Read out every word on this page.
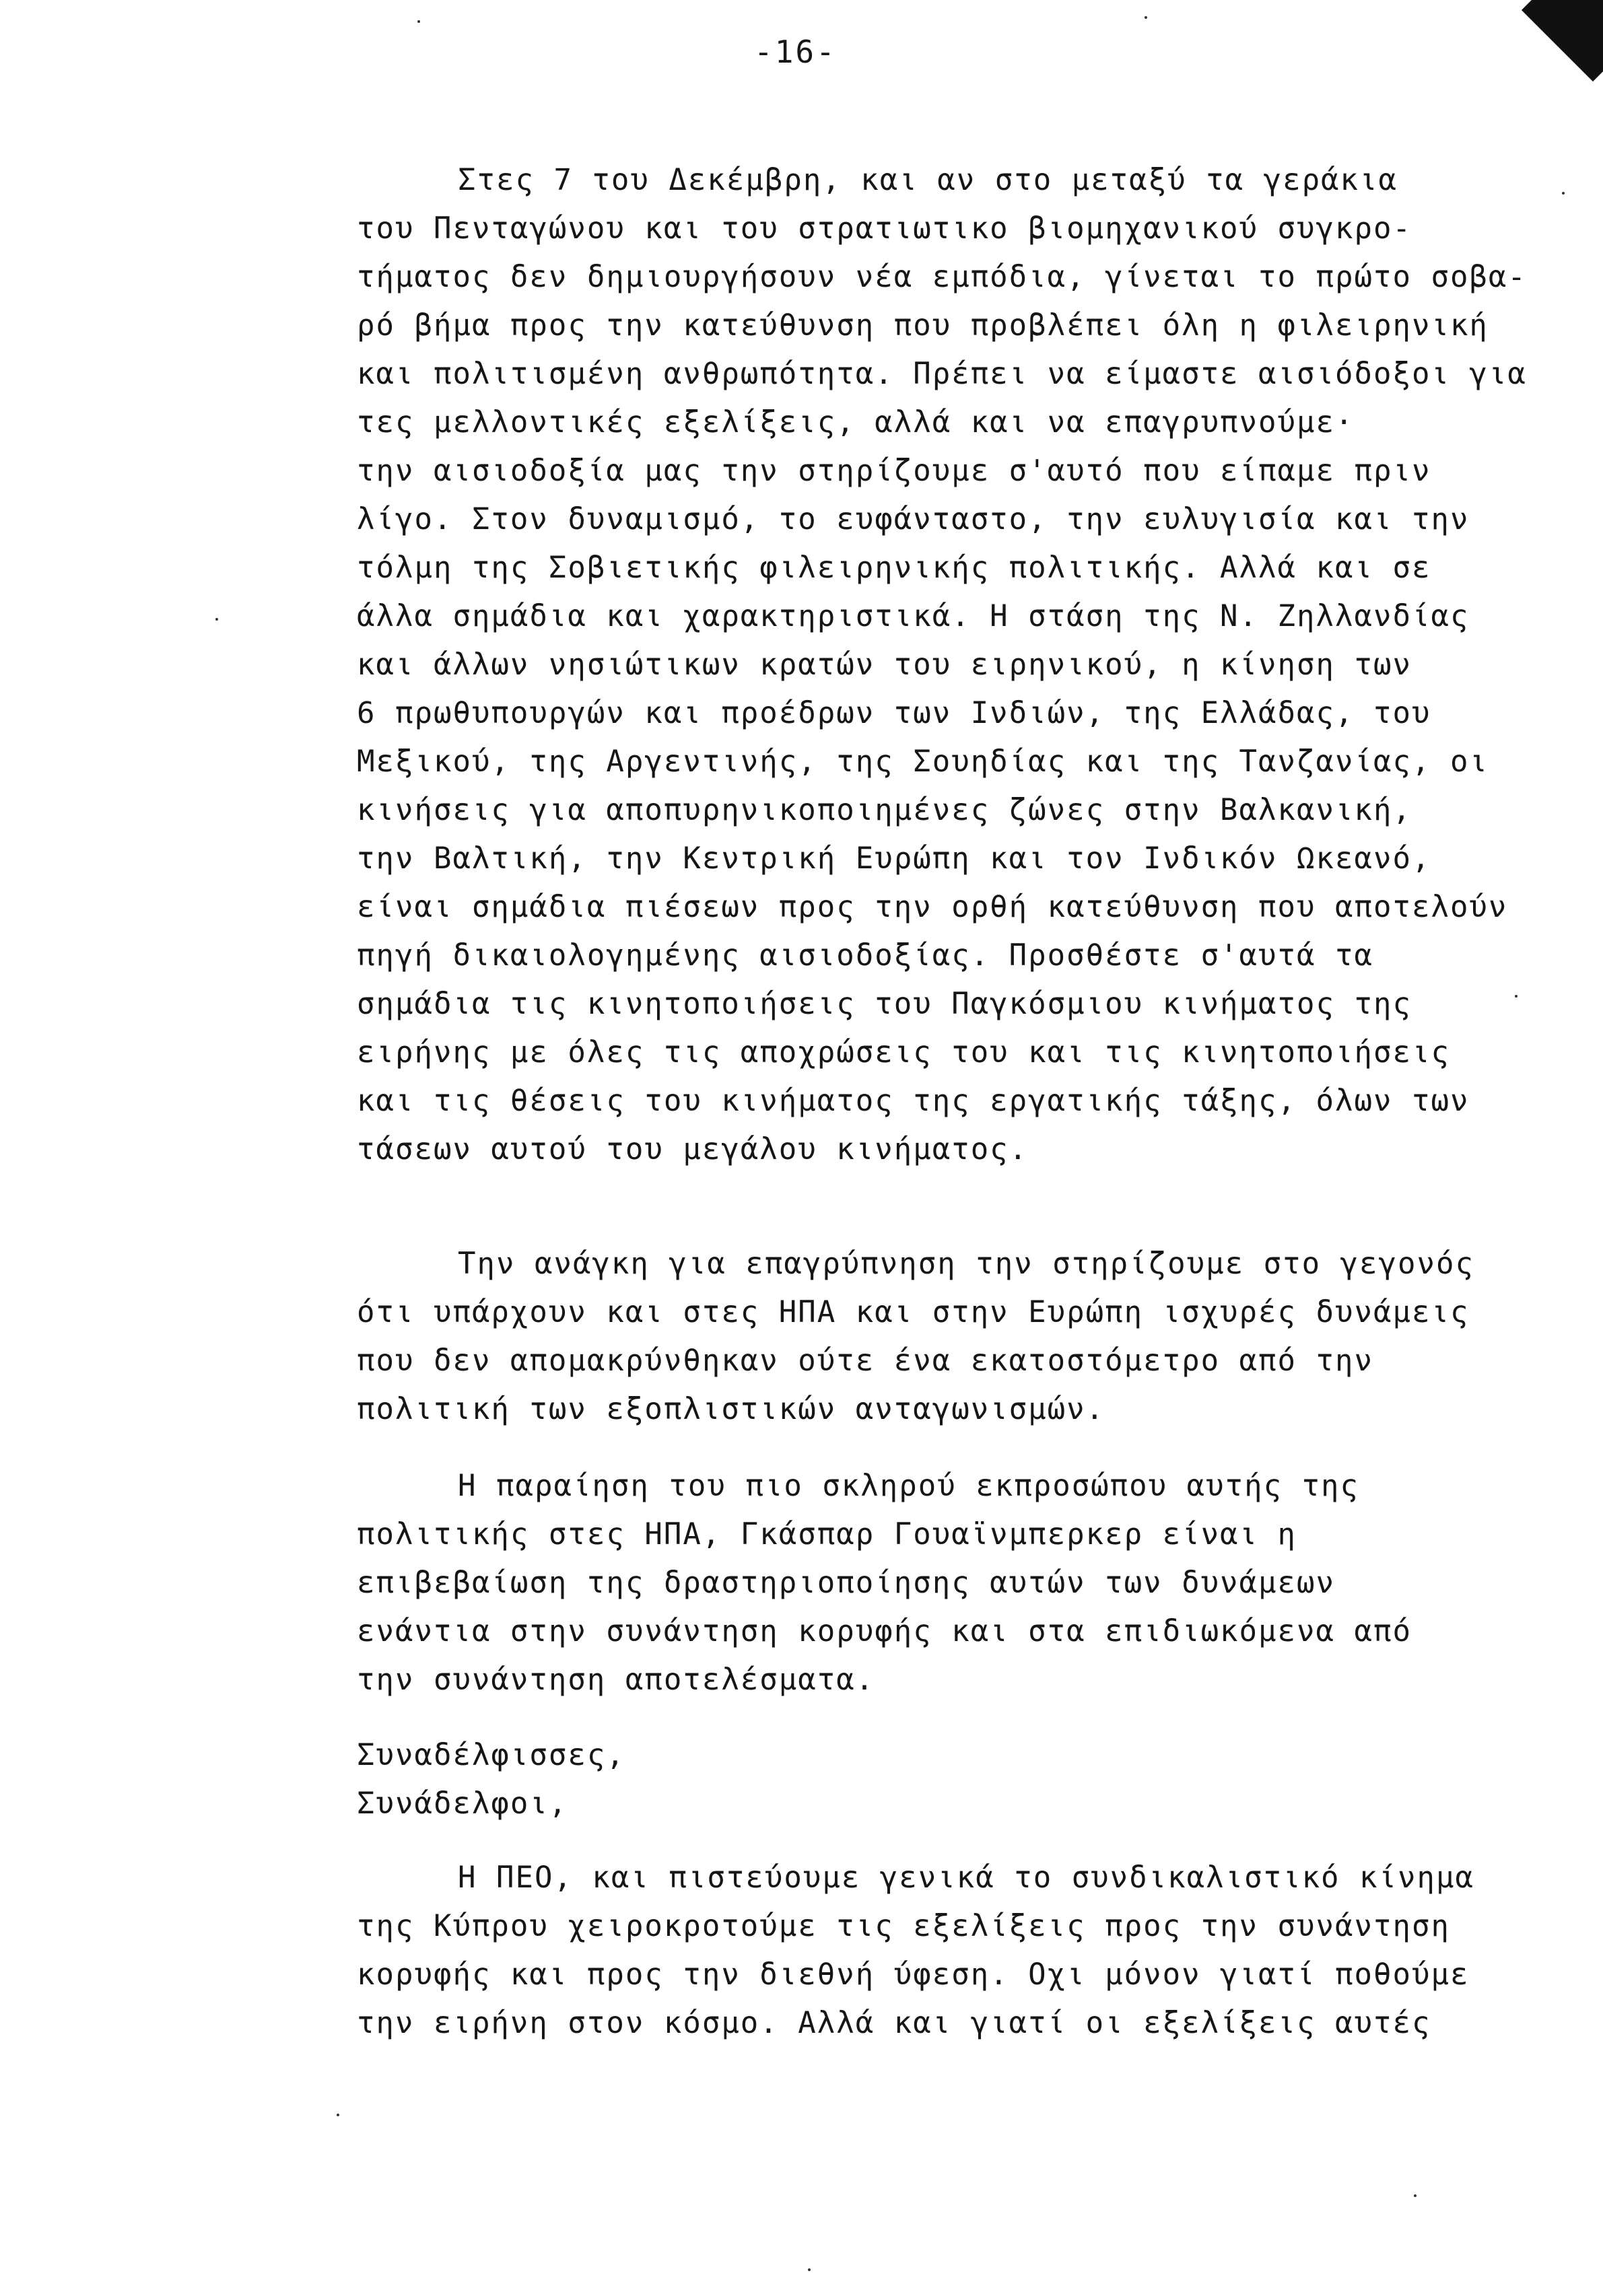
-16-
Στες 7 του Δεκέμβρη, και αν στο μεταξύ τα γεράκια
του Πενταγώνου και του στρατιωτικο βιομηχανικού συγκρο-
τήματος δεν δημιουργήσουν νέα εμπόδια, γίνεται το πρώτο σοβα-
ρό βήμα προς την κατεύθυνση που προβλέπει όλη η φιλειρηνική
και πολιτισμένη ανθρωπότητα. Πρέπει να είμαστε αισιόδοξοι για
τες μελλοντικές εξελίξεις, αλλά και να επαγρυπνούμε·
την αισιοδοξία μας την στηρίζουμε σ'αυτό που είπαμε πριν
λίγο. Στον δυναμισμό, το ευφάνταστο, την ευλυγισία και την
τόλμη της Σοβιετικής φιλειρηνικής πολιτικής. Αλλά και σε
άλλα σημάδια και χαρακτηριστικά. Η στάση της Ν. Ζηλλανδίας
και άλλων νησιώτικων κρατών του ειρηνικού, η κίνηση των
6 πρωθυπουργών και προέδρων των Ινδιών, της Ελλάδας, του
Μεξικού, της Αργεντινής, της Σουηδίας και της Τανζανίας, οι
κινήσεις για αποπυρηνικοποιημένες ζώνες στην Βαλκανική,
την Βαλτική, την Κεντρική Ευρώπη και τον Ινδικόν Ωκεανό,
είναι σημάδια πιέσεων προς την ορθή κατεύθυνση που αποτελούν
πηγή δικαιολογημένης αισιοδοξίας. Προσθέστε σ'αυτά τα
σημάδια τις κινητοποιήσεις του Παγκόσμιου κινήματος της
ειρήνης με όλες τις αποχρώσεις του και τις κινητοποιήσεις
και τις θέσεις του κινήματος της εργατικής τάξης, όλων των
τάσεων αυτού του μεγάλου κινήματος.
Την ανάγκη για επαγρύπνηση την στηρίζουμε στο γεγονός
ότι υπάρχουν και στες ΗΠΑ και στην Ευρώπη ισχυρές δυνάμεις
που δεν απομακρύνθηκαν ούτε ένα εκατοστόμετρο από την
πολιτική των εξοπλιστικών ανταγωνισμών.
Η παραίηση του πιο σκληρού εκπροσώπου αυτής της
πολιτικής στες ΗΠΑ, Γκάσπαρ Γουαϊνμπερκερ είναι η
επιβεβαίωση της δραστηριοποίησης αυτών των δυνάμεων
ενάντια στην συνάντηση κορυφής και στα επιδιωκόμενα από
την συνάντηση αποτελέσματα.
Συναδέλφισσες,
Συνάδελφοι,
Η ΠΕΟ, και πιστεύουμε γενικά το συνδικαλιστικό κίνημα
της Κύπρου χειροκροτούμε τις εξελίξεις προς την συνάντηση
κορυφής και προς την διεθνή ύφεση. Οχι μόνον γιατί ποθούμε
την ειρήνη στον κόσμο. Αλλά και γιατί οι εξελίξεις αυτές
